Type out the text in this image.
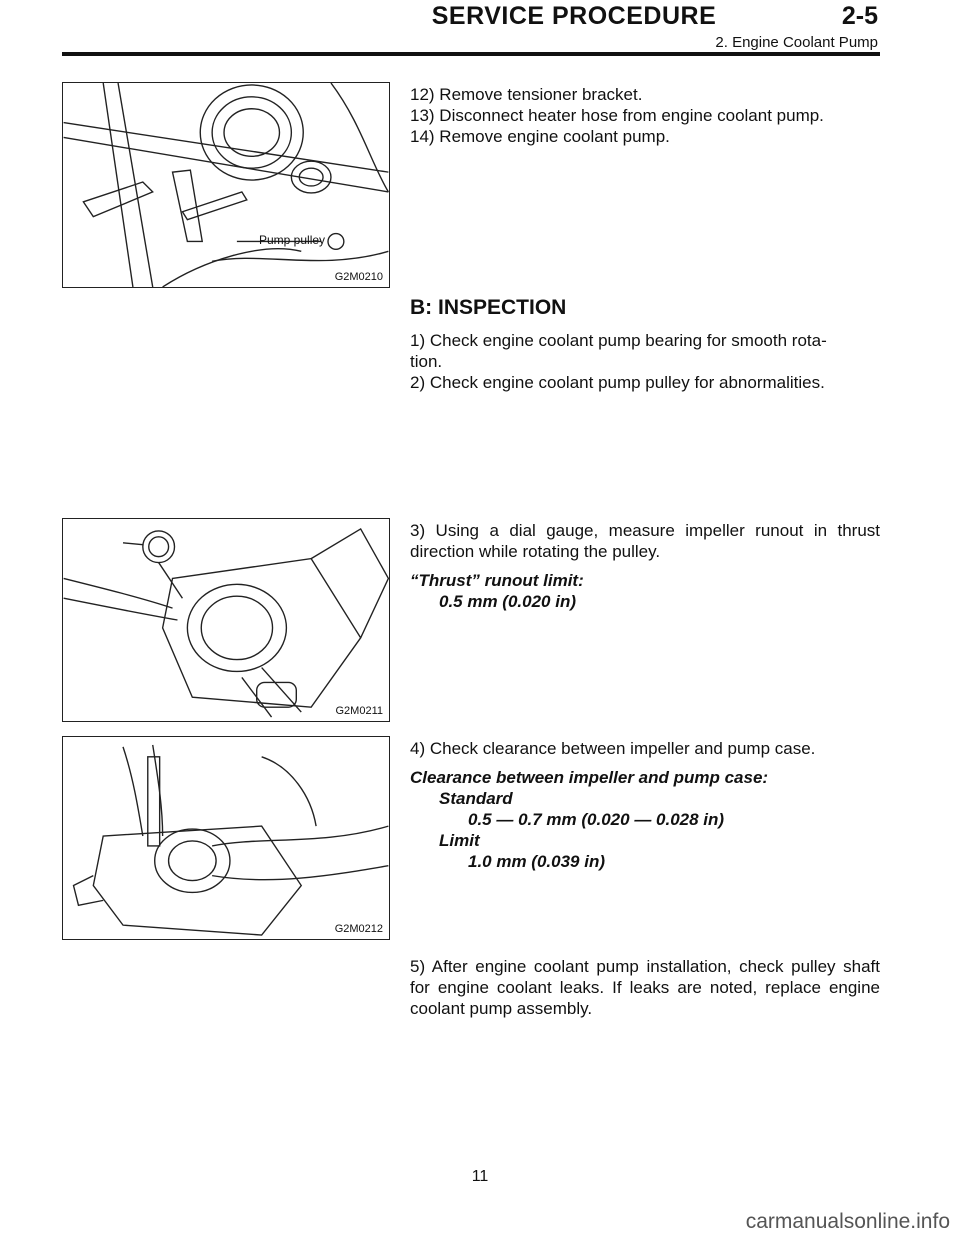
SERVICE PROCEDURE	2-5
2. Engine Coolant Pump
Pump pulley
G2M0210

12) Remove tensioner bracket.

13) Disconnect heater hose from engine coolant pump.

14) Remove engine coolant pump.

B: INSPECTION

1) Check engine coolant pump bearing for smooth rota-

tion.

2) Check engine coolant pump pulley for abnormalities.

G2M0211

3) Using a dial gauge, measure impeller runout in thrust direction while rotating the pulley.

“Thrust” runout limit:

0.5 mm (0.020 in)

G2M0212

4) Check clearance between impeller and pump case.

Clearance between impeller and pump case:

Standard

0.5 — 0.7 mm (0.020 — 0.028 in)

Limit

1.0 mm (0.039 in)

5) After engine coolant pump installation, check pulley shaft for engine coolant leaks. If leaks are noted, replace engine coolant pump assembly.

11
carmanualsonline.info
